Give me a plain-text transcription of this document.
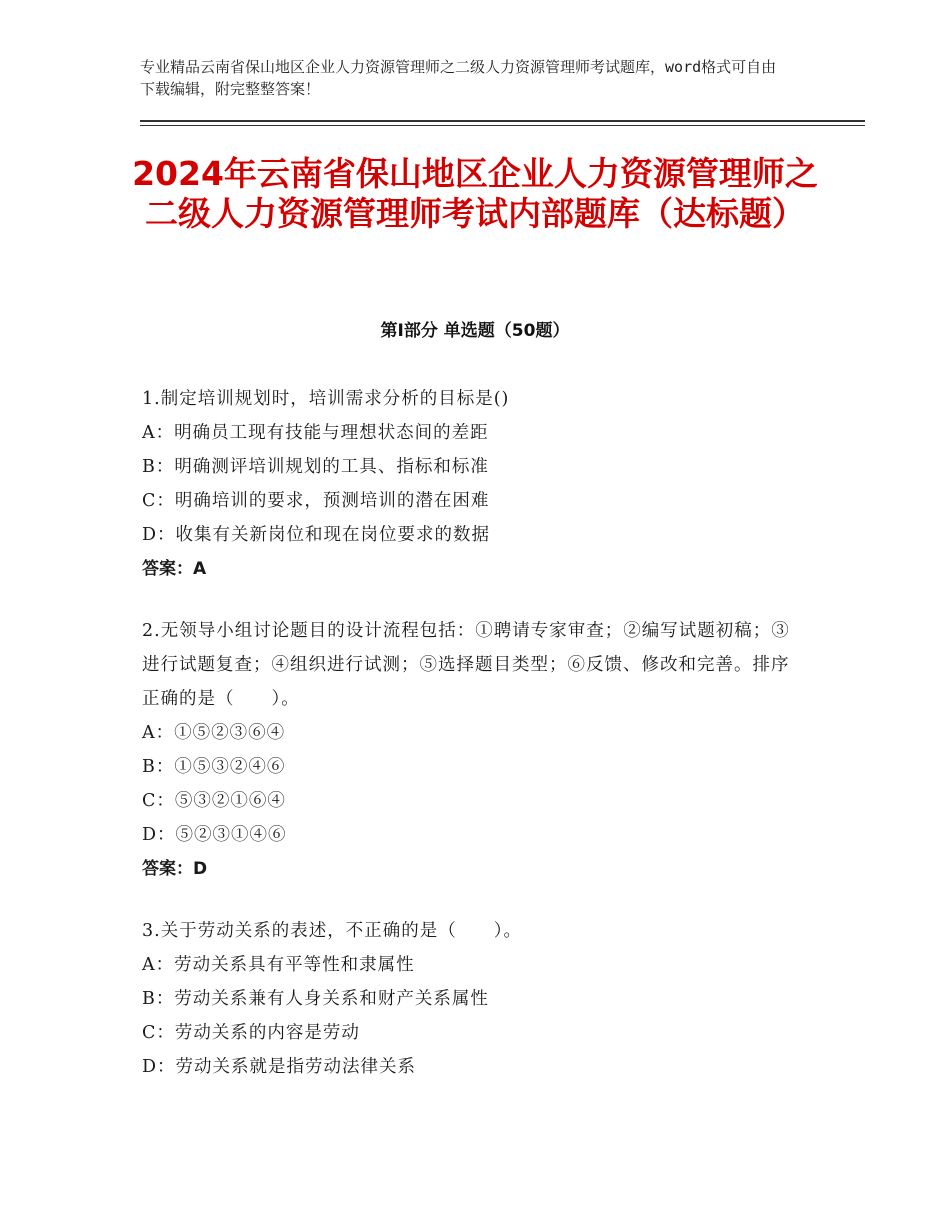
专业精品云南省保山地区企业人力资源管理师之二级人力资源管理师考试题库，word格式可自由下载编辑，附完整整答案！
2024年云南省保山地区企业人力资源管理师之二级人力资源管理师考试内部题库（达标题）
第Ⅰ部分 单选题（50题）
1.制定培训规划时，培训需求分析的目标是()
A：明确员工现有技能与理想状态间的差距
B：明确测评培训规划的工具、指标和标准
C：明确培训的要求，预测培训的潜在困难
D：收集有关新岗位和现在岗位要求的数据
答案：A
2.无领导小组讨论题目的设计流程包括：①聘请专家审查；②编写试题初稿；③进行试题复查；④组织进行试测；⑤选择题目类型；⑥反馈、修改和完善。排序正确的是（　　）。
A：①⑤②③⑥④
B：①⑤③②④⑥
C：⑤③②①⑥④
D：⑤②③①④⑥
答案：D
3.关于劳动关系的表述，不正确的是（　　）。
A：劳动关系具有平等性和隶属性
B：劳动关系兼有人身关系和财产关系属性
C：劳动关系的内容是劳动
D：劳动关系就是指劳动法律关系
